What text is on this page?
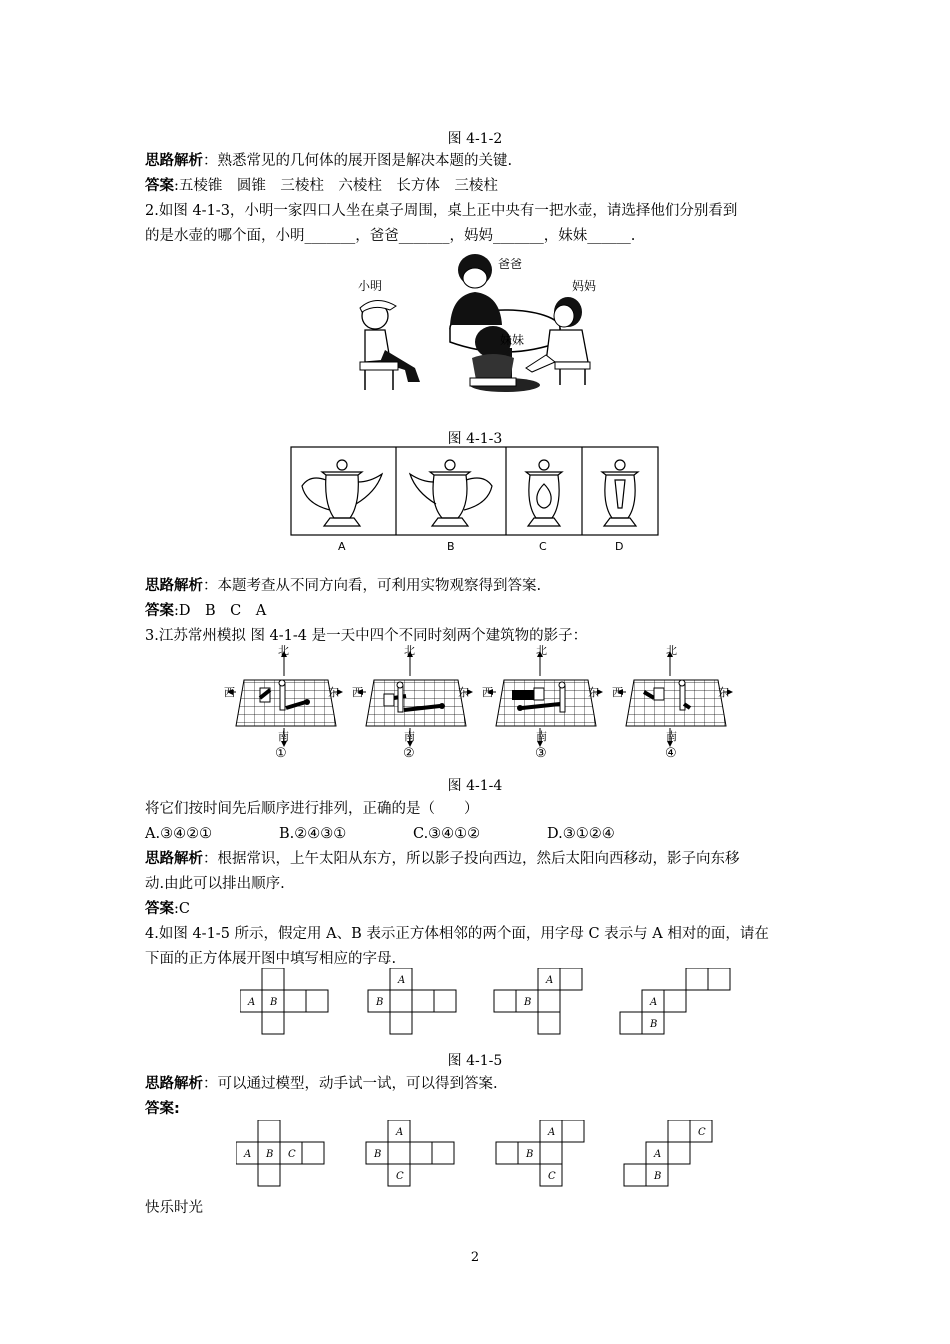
图 4-1-2
思路解析：熟悉常见的几何体的展开图是解决本题的关键.
答案:五棱锥　圆锥　三棱柱　六棱柱　长方体　三棱柱
2.如图 4-1-3，小明一家四口人坐在桌子周围，桌上正中央有一把水壶，请选择他们分别看到
的是水壶的哪个面，小明_______，爸爸_______，妈妈_______，妹妹______.
爸爸
小明	妈妈
妹妹
图 4-1-3
A	B	C	D
思路解析：本题考查从不同方向看，可利用实物观察得到答案.
答案:D　B　C　A
3.江苏常州模拟 图 4-1-4 是一天中四个不同时刻两个建筑物的影子：
北
西	东
南
①
北
西	东
南
②
北
西	东
南
③
北
西	东
南
④
图 4-1-4
将它们按时间先后顺序进行排列，正确的是（　　）
A.③④②①	B.②④③①	C.③④①②	D.③①②④
思路解析：根据常识，上午太阳从东方，所以影子投向西边，然后太阳向西移动，影子向东移
动.由此可以排出顺序.
答案:C
4.如图 4-1-5 所示，假定用 A、B 表示正方体相邻的两个面，用字母 C 表示与 A 相对的面，请在
下面的正方体展开图中填写相应的字母.
A B
A
B
A
B	A
B
图 4-1-5
思路解析：可以通过模型，动手试一试，可以得到答案.
答案:
A B C
A
B
C
A
B
C
C
A
B
快乐时光
2
